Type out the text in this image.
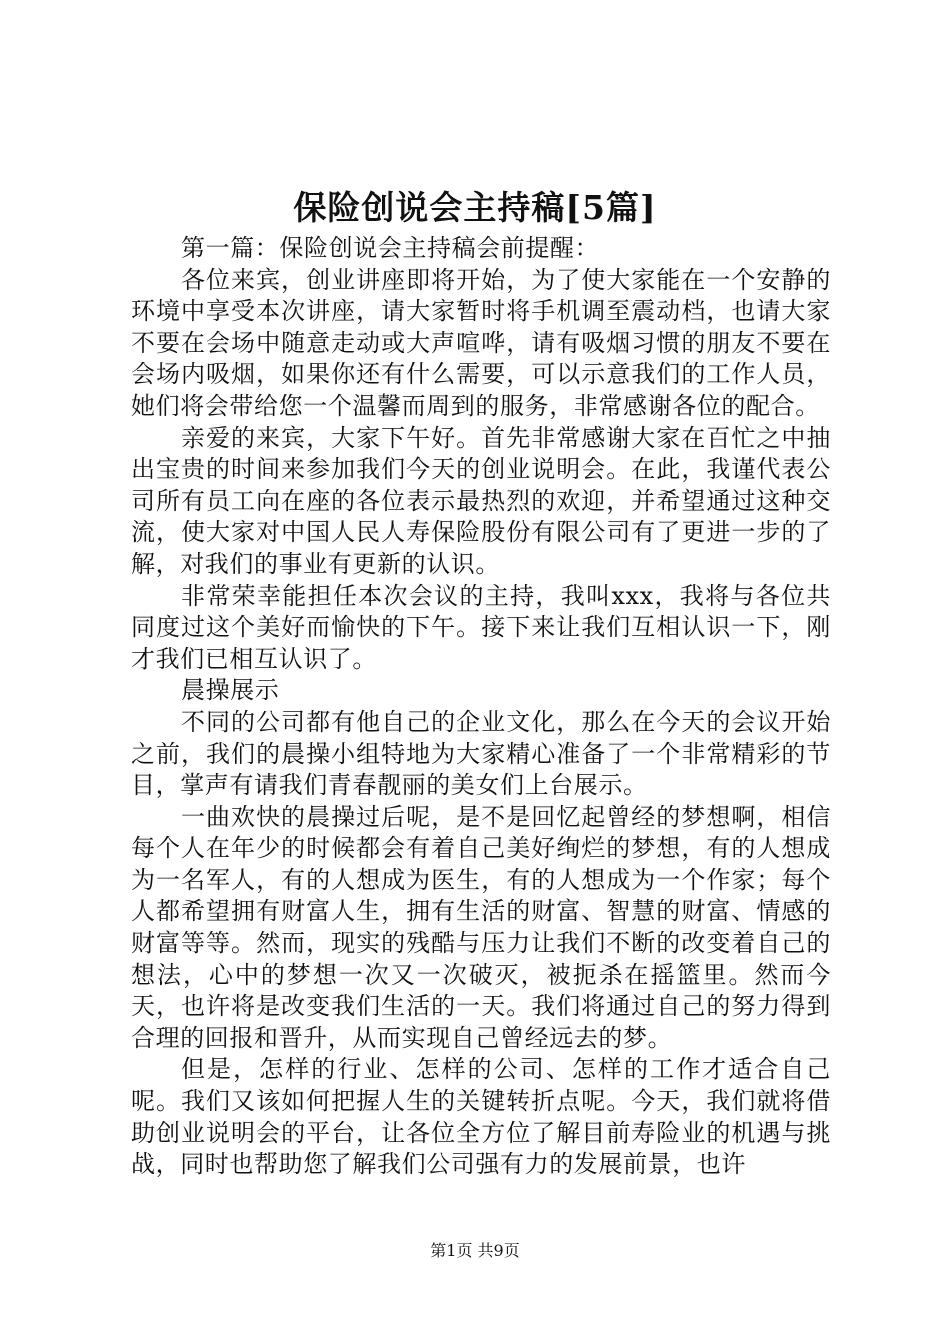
保险创说会主持稿[5篇]

第一篇：保险创说会主持稿会前提醒：

各位来宾，创业讲座即将开始，为了使大家能在一个安静的环境中享受本次讲座，请大家暂时将手机调至震动档，也请大家不要在会场中随意走动或大声喧哗，请有吸烟习惯的朋友不要在会场内吸烟，如果你还有什么需要，可以示意我们的工作人员，她们将会带给您一个温馨而周到的服务，非常感谢各位的配合。

亲爱的来宾，大家下午好。首先非常感谢大家在百忙之中抽出宝贵的时间来参加我们今天的创业说明会。在此，我谨代表公司所有员工向在座的各位表示最热烈的欢迎，并希望通过这种交流，使大家对中国人民人寿保险股份有限公司有了更进一步的了解，对我们的事业有更新的认识。

非常荣幸能担任本次会议的主持，我叫xxx，我将与各位共同度过这个美好而愉快的下午。接下来让我们互相认识一下，刚才我们已相互认识了。

晨操展示

不同的公司都有他自己的企业文化，那么在今天的会议开始之前，我们的晨操小组特地为大家精心准备了一个非常精彩的节目，掌声有请我们青春靓丽的美女们上台展示。

一曲欢快的晨操过后呢，是不是回忆起曾经的梦想啊，相信每个人在年少的时候都会有着自己美好绚烂的梦想，有的人想成为一名军人，有的人想成为医生，有的人想成为一个作家；每个人都希望拥有财富人生，拥有生活的财富、智慧的财富、情感的财富等等。然而，现实的残酷与压力让我们不断的改变着自己的想法，心中的梦想一次又一次破灭，被扼杀在摇篮里。然而今天，也许将是改变我们生活的一天。我们将通过自己的努力得到合理的回报和晋升，从而实现自己曾经远去的梦。

但是，怎样的行业、怎样的公司、怎样的工作才适合自己呢。我们又该如何把握人生的关键转折点呢。今天，我们就将借助创业说明会的平台，让各位全方位了解目前寿险业的机遇与挑战，同时也帮助您了解我们公司强有力的发展前景，也许

第1页 共9页
